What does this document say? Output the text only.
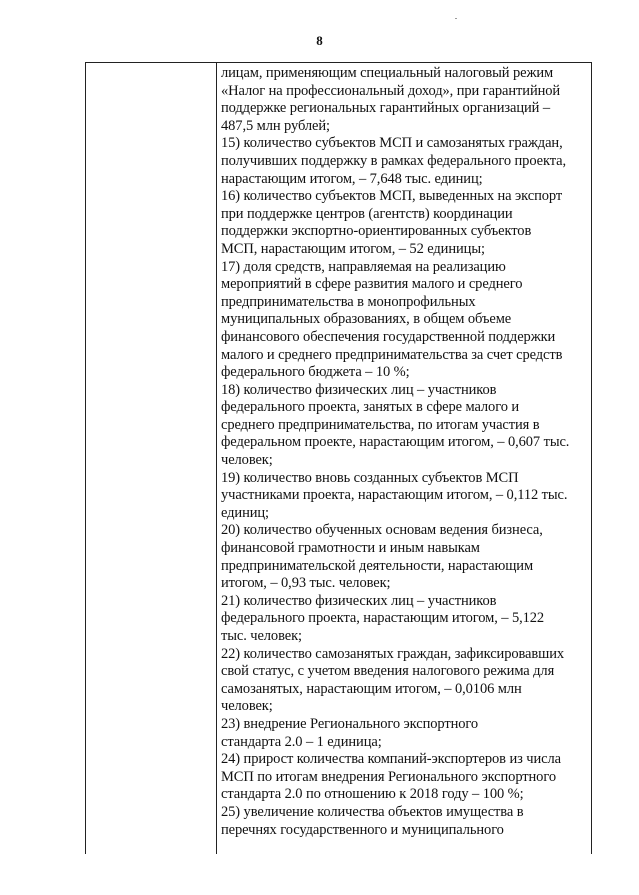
8
лицам, применяющим специальный налоговый режим
«Налог на профессиональный доход», при гарантийной
поддержке региональных гарантийных организаций –
487,5 млн рублей;
15) количество субъектов МСП и самозанятых граждан,
получивших поддержку в рамках федерального проекта,
нарастающим итогом, – 7,648 тыс. единиц;
16) количество субъектов МСП, выведенных на экспорт
при поддержке центров (агентств) координации
поддержки экспортно-ориентированных субъектов
МСП, нарастающим итогом, – 52 единицы;
17) доля средств, направляемая на реализацию
мероприятий в сфере развития малого и среднего
предпринимательства в монопрофильных
муниципальных образованиях, в общем объеме
финансового обеспечения государственной поддержки
малого и среднего предпринимательства за счет средств
федерального бюджета – 10 %;
18) количество физических лиц – участников
федерального проекта, занятых в сфере малого и
среднего предпринимательства, по итогам участия в
федеральном проекте, нарастающим итогом, – 0,607 тыс.
человек;
19) количество вновь созданных субъектов МСП
участниками проекта, нарастающим итогом, – 0,112 тыс.
единиц;
20) количество обученных основам ведения бизнеса,
финансовой грамотности и иным навыкам
предпринимательской деятельности, нарастающим
итогом, – 0,93 тыс. человек;
21) количество физических лиц – участников
федерального проекта, нарастающим итогом, – 5,122
тыс. человек;
22) количество самозанятых граждан, зафиксировавших
свой статус, с учетом введения налогового режима для
самозанятых, нарастающим итогом, – 0,0106 млн
человек;
23) внедрение Регионального экспортного
стандарта 2.0 – 1 единица;
24) прирост количества компаний-экспортеров из числа
МСП по итогам внедрения Регионального экспортного
стандарта 2.0 по отношению к 2018 году – 100 %;
25) увеличение количества объектов имущества в
перечнях государственного и муниципального
